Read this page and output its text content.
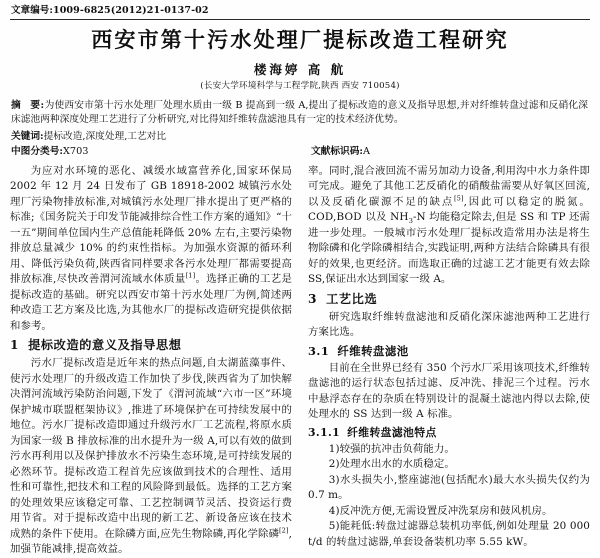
文章编号:1009-6825(2012)21-0137-02
西安市第十污水处理厂提标改造工程研究
楼海婷 高 航
(长安大学环境科学与工程学院,陕西 西安 710054)
摘 要:为使西安市第十污水处理厂处理水质由一级 B 提高到一级 A,提出了提标改造的意义及指导思想,并对纤维转盘过滤和反硝化深床滤池两种深度处理工艺进行了分析研究,对比得知纤维转盘滤池具有一定的技术经济优势。
关键词:提标改造,深度处理,工艺对比
中图分类号:X703	文献标识码:A

为应对水环境的恶化、减缓水域富营养化,国家环保局 2002 年 12 月 24 日发布了 GB 18918-2002 城镇污水处理厂污染物排放标准,对城镇污水处理厂排水提出了更严格的标准;《国务院关于印发节能减排综合性工作方案的通知》“十一五”期间单位国内生产总值能耗降低 20% 左右,主要污染物排放总量减少 10% 的约束性指标。为加强水资源的循环利用、降低污染负荷,陕西省同样要求各污水处理厂都需要提高排放标准,尽快改善渭河流域水体质量[1]。选择正确的工艺是提标改造的基础。研究以西安市第十污水处理厂为例,简述两种改造工艺方案及比选,为其他水厂的提标改造研究提供依据和参考。

1 提标改造的意义及指导思想

污水厂提标改造是近年来的热点问题,自太湖蓝藻事件、使污水处理厂的升级改造工作加快了步伐,陕西省为了加快解决渭河流域污染防治问题,下发了《渭河流域“六市一区”环境保护城市联盟框架协议》,推进了环境保护在可持续发展中的地位。污水厂提标改造即通过升级污水厂工艺流程,将原水质为国家一级 B 排放标准的出水提升为一级 A,可以有效的做到污水再利用以及保护排放水不污染生态环境,是可持续发展的必然环节。提标改造工程首先应该做到技术的合理性、适用性和可靠性,把技术和工程的风险降到最低。选择的工艺方案的处理效果应该稳定可靠、工艺控制调节灵活、投资运行费用节省。对于提标改造中出现的新工艺、新设备应该在技术成熟的条件下使用。在除磷方面,应先生物除磷,再化学除磷[2],加强节能减排,提高效益。

率。同时,混合液回流不需另加动力设备,利用沟中水力条件即可完成。避免了其他工艺反硝化的硝酸盐需要从好氧区回流,以及反硝化碳源不足的缺点[5],因此可以稳定的脱氮。COD,BOD 以及 $NH_3-N$ 均能稳定除去,但是 SS 和 TP 还需进一步处理。一般城市污水处理厂提标改造常用办法是将生物除磷和化学除磷相结合,实践证明,两种方法结合除磷具有很好的效果,也更经济。而选取正确的过滤工艺才能更有效去除 SS,保证出水达到国家一级 A。

3 工艺比选

研究选取纤维转盘滤池和反硝化深床滤池两种工艺进行方案比选。

3.1 纤维转盘滤池

目前在全世界已经有 350 个污水厂采用该项技术,纤维转盘滤池的运行状态包括过滤、反冲洗、排泥三个过程。污水中悬浮态存在的杂质在特别设计的混凝土滤池内得以去除,使处理水的 SS 达到一级 A 标准。

3.1.1 纤维转盘滤池特点

1)较强的抗冲击负荷能力。

2)处理水出水的水质稳定。

3)水头损失小,整座滤池(包括配水)最大水头损失仅约为 0.7 m。

4)反冲洗方便,无需设置反冲洗泵房和鼓风机房。

5)能耗低:转盘过滤器总装机功率低,例如处理量 20 000 t/d 的转盘过滤器,单套设备装机功率 5.55 kW。
